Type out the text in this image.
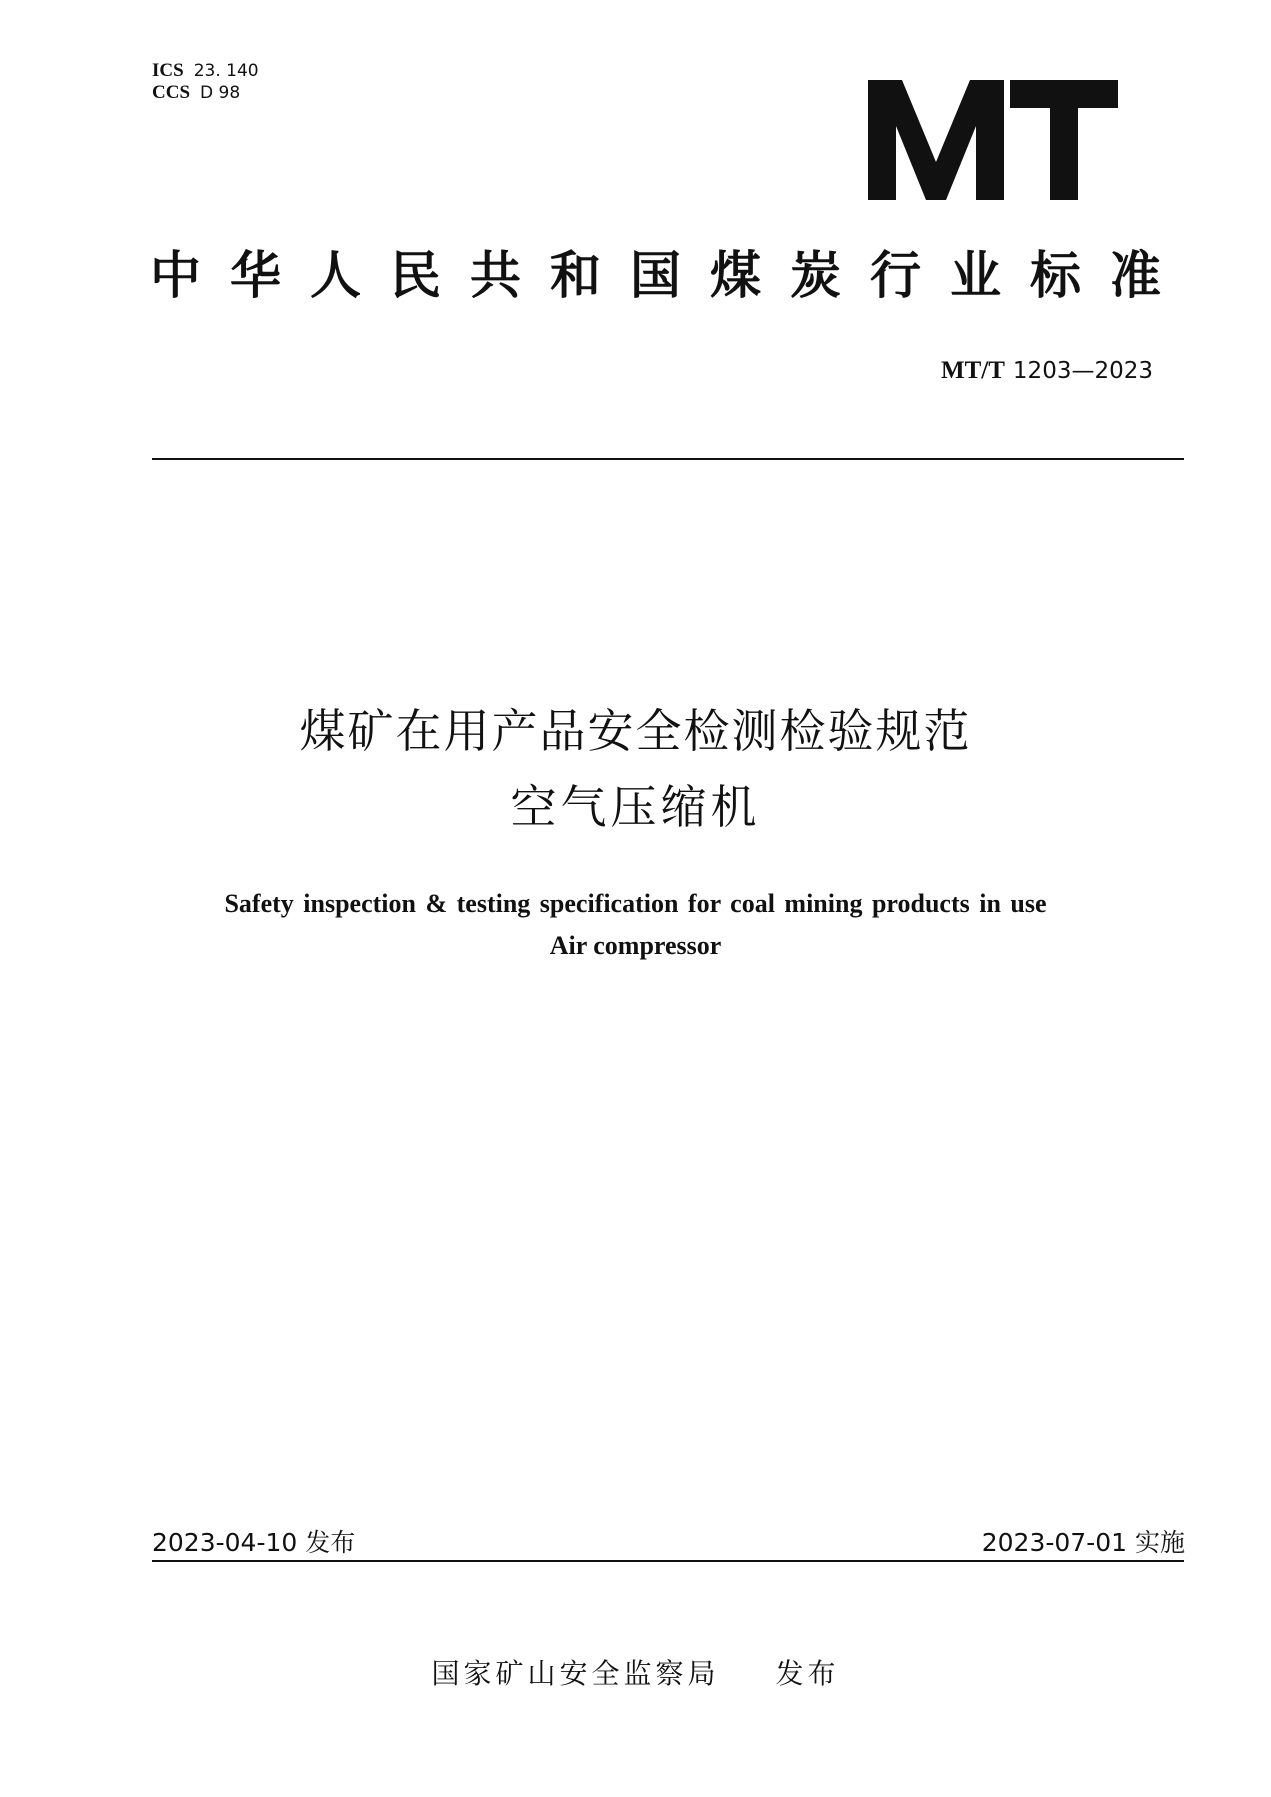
ICS 23. 140
CCS D 98
中华人民共和国煤炭行业标准
MT/T 1203—2023
煤矿在用产品安全检测检验规范
空气压缩机
Safety inspection & testing specification for coal mining products in use
Air compressor
2023-04-10 发布	2023-07-01 实施
国家矿山安全监察局 发布
